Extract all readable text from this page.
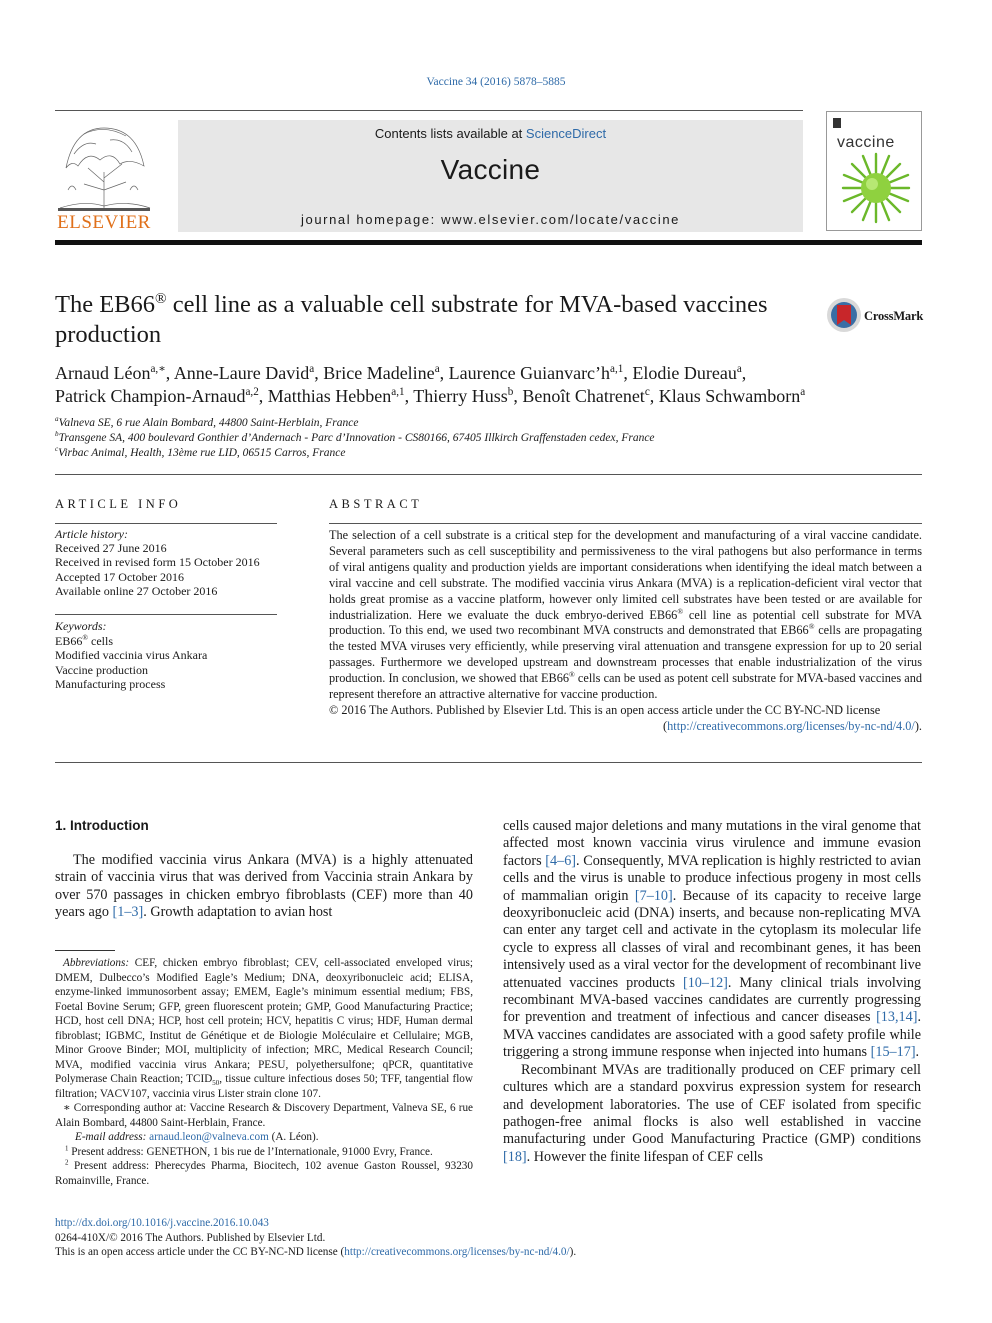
Vaccine 34 (2016) 5878–5885
ELSEVIER
Contents lists available at ScienceDirect
Vaccine
journal homepage: www.elsevier.com/locate/vaccine
vaccine
The EB66® cell line as a valuable cell substrate for MVA-based vaccines production
CrossMark
Arnaud Léon$^{a,∗}$, Anne-Laure David$^a$, Brice Madeline$^a$, Laurence $Guianvarc’h^{a,1}$, Elodie Dureau$^a$,
Patrick Champion-Arnaud$^{a,2}$, Matthias Hebben$^{a,1}$, Thierry Huss$^b$, Benoît Chatrenet$^c$, Klaus Schwamborn$^a$
$^a$Valneva SE, 6 rue Alain Bombard, 44800 Saint-Herblain, France
$^b$Transgene SA, 400 boulevard Gonthier d’Andernach - Parc d’Innovation - CS80166, 67405 Illkirch Graffenstaden cedex, France
$^c$Virbac Animal, Health, 13ème rue LID, 06515 Carros, France
ARTICLE INFO
Article history:
Received 27 June 2016
Received in revised form 15 October 2016
Accepted 17 October 2016
Available online 27 October 2016
Keywords:
EB66® cells
Modified vaccinia virus Ankara
Vaccine production
Manufacturing process
ABSTRACT
The selection of a cell substrate is a critical step for the development and manufacturing of a viral vaccine candidate. Several parameters such as cell susceptibility and permissiveness to the viral pathogens but also performance in terms of viral antigens quality and production yields are important considerations when identifying the ideal match between a viral vaccine and cell substrate. The modified vaccinia virus Ankara (MVA) is a replication-deficient viral vector that holds great promise as a vaccine platform, however only limited cell substrates have been tested or are available for industrialization. Here we evaluate the duck embryo-derived EB66® cell line as potential cell substrate for MVA production. To this end, we used two recombinant MVA constructs and demonstrated that EB66® cells are propagating the tested MVA viruses very efficiently, while preserving viral attenuation and transgene expression for up to 20 serial passages. Furthermore we developed upstream and downstream processes that enable industrialization of the virus production. In conclusion, we showed that EB66® cells can be used as potent cell substrate for MVA-based vaccines and represent therefore an attractive alternative for vaccine production.
© 2016 The Authors. Published by Elsevier Ltd. This is an open access article under the CC BY-NC-ND license
(http://creativecommons.org/licenses/by-nc-nd/4.0/).
1. Introduction
The modified vaccinia virus Ankara (MVA) is a highly attenuated strain of vaccinia virus that was derived from Vaccinia strain Ankara by over 570 passages in chicken embryo fibroblasts (CEF) more than 40 years ago [1–3]. Growth adaptation to avian host

Abbreviations: CEF, chicken embryo fibroblast; CEV, cell-associated enveloped virus; DMEM, Dulbecco’s Modified Eagle’s Medium; DNA, deoxyribonucleic acid; ELISA, enzyme-linked immunosorbent assay; EMEM, Eagle’s minimum essential medium; FBS, Foetal Bovine Serum; GFP, green fluorescent protein; GMP, Good Manufacturing Practice; HCD, host cell DNA; HCP, host cell protein; HCV, hepatitis C virus; HDF, Human dermal fibroblast; IGBMC, Institut de Génétique et de Biologie Moléculaire et Cellulaire; MGB, Minor Groove Binder; MOI, multiplicity of infection; MRC, Medical Research Council; MVA, modified vaccinia virus Ankara; PESU, polyethersulfone; qPCR, quantitative Polymerase Chain Reaction; $TCID_{50}$, tissue culture infectious doses 50; TFF, tangential flow filtration; VACV107, vaccinia virus Lister strain clone 107.

∗ Corresponding author at: Vaccine Research & Discovery Department, Valneva SE, 6 rue Alain Bombard, 44800 Saint-Herblain, France.

E-mail address: arnaud.leon@valneva.com (A. Léon).

$^1$ Present address: GENETHON, 1 bis rue de l’Internationale, 91000 Evry, France.

$^2$ Present address: Pherecydes Pharma, Biocitech, 102 avenue Gaston Roussel, 93230 Romainville, France.

cells caused major deletions and many mutations in the viral genome that affected most known vaccinia virus virulence and immune evasion factors [4–6]. Consequently, MVA replication is highly restricted to avian cells and the virus is unable to produce infectious progeny in most cells of mammalian origin [7–10]. Because of its capacity to receive large deoxyribonucleic acid (DNA) inserts, and because non-replicating MVA can enter any target cell and activate in the cytoplasm its molecular life cycle to express all classes of viral and recombinant genes, it has been intensively used as a viral vector for the development of recombinant live attenuated vaccines products [10–12]. Many clinical trials involving recombinant MVA-based vaccines candidates are currently progressing for prevention and treatment of infectious and cancer diseases [13,14]. MVA vaccines candidates are associated with a good safety profile while triggering a strong immune response when injected into humans [15–17].

Recombinant MVAs are traditionally produced on CEF primary cell cultures which are a standard poxvirus expression system for research and development laboratories. The use of CEF isolated from specific pathogen-free animal flocks is also well established in vaccine manufacturing under Good Manufacturing Practice (GMP) conditions [18]. However the finite lifespan of CEF cells

http://dx.doi.org/10.1016/j.vaccine.2016.10.043
0264-410X/© 2016 The Authors. Published by Elsevier Ltd.
This is an open access article under the CC BY-NC-ND license (http://creativecommons.org/licenses/by-nc-nd/4.0/).
